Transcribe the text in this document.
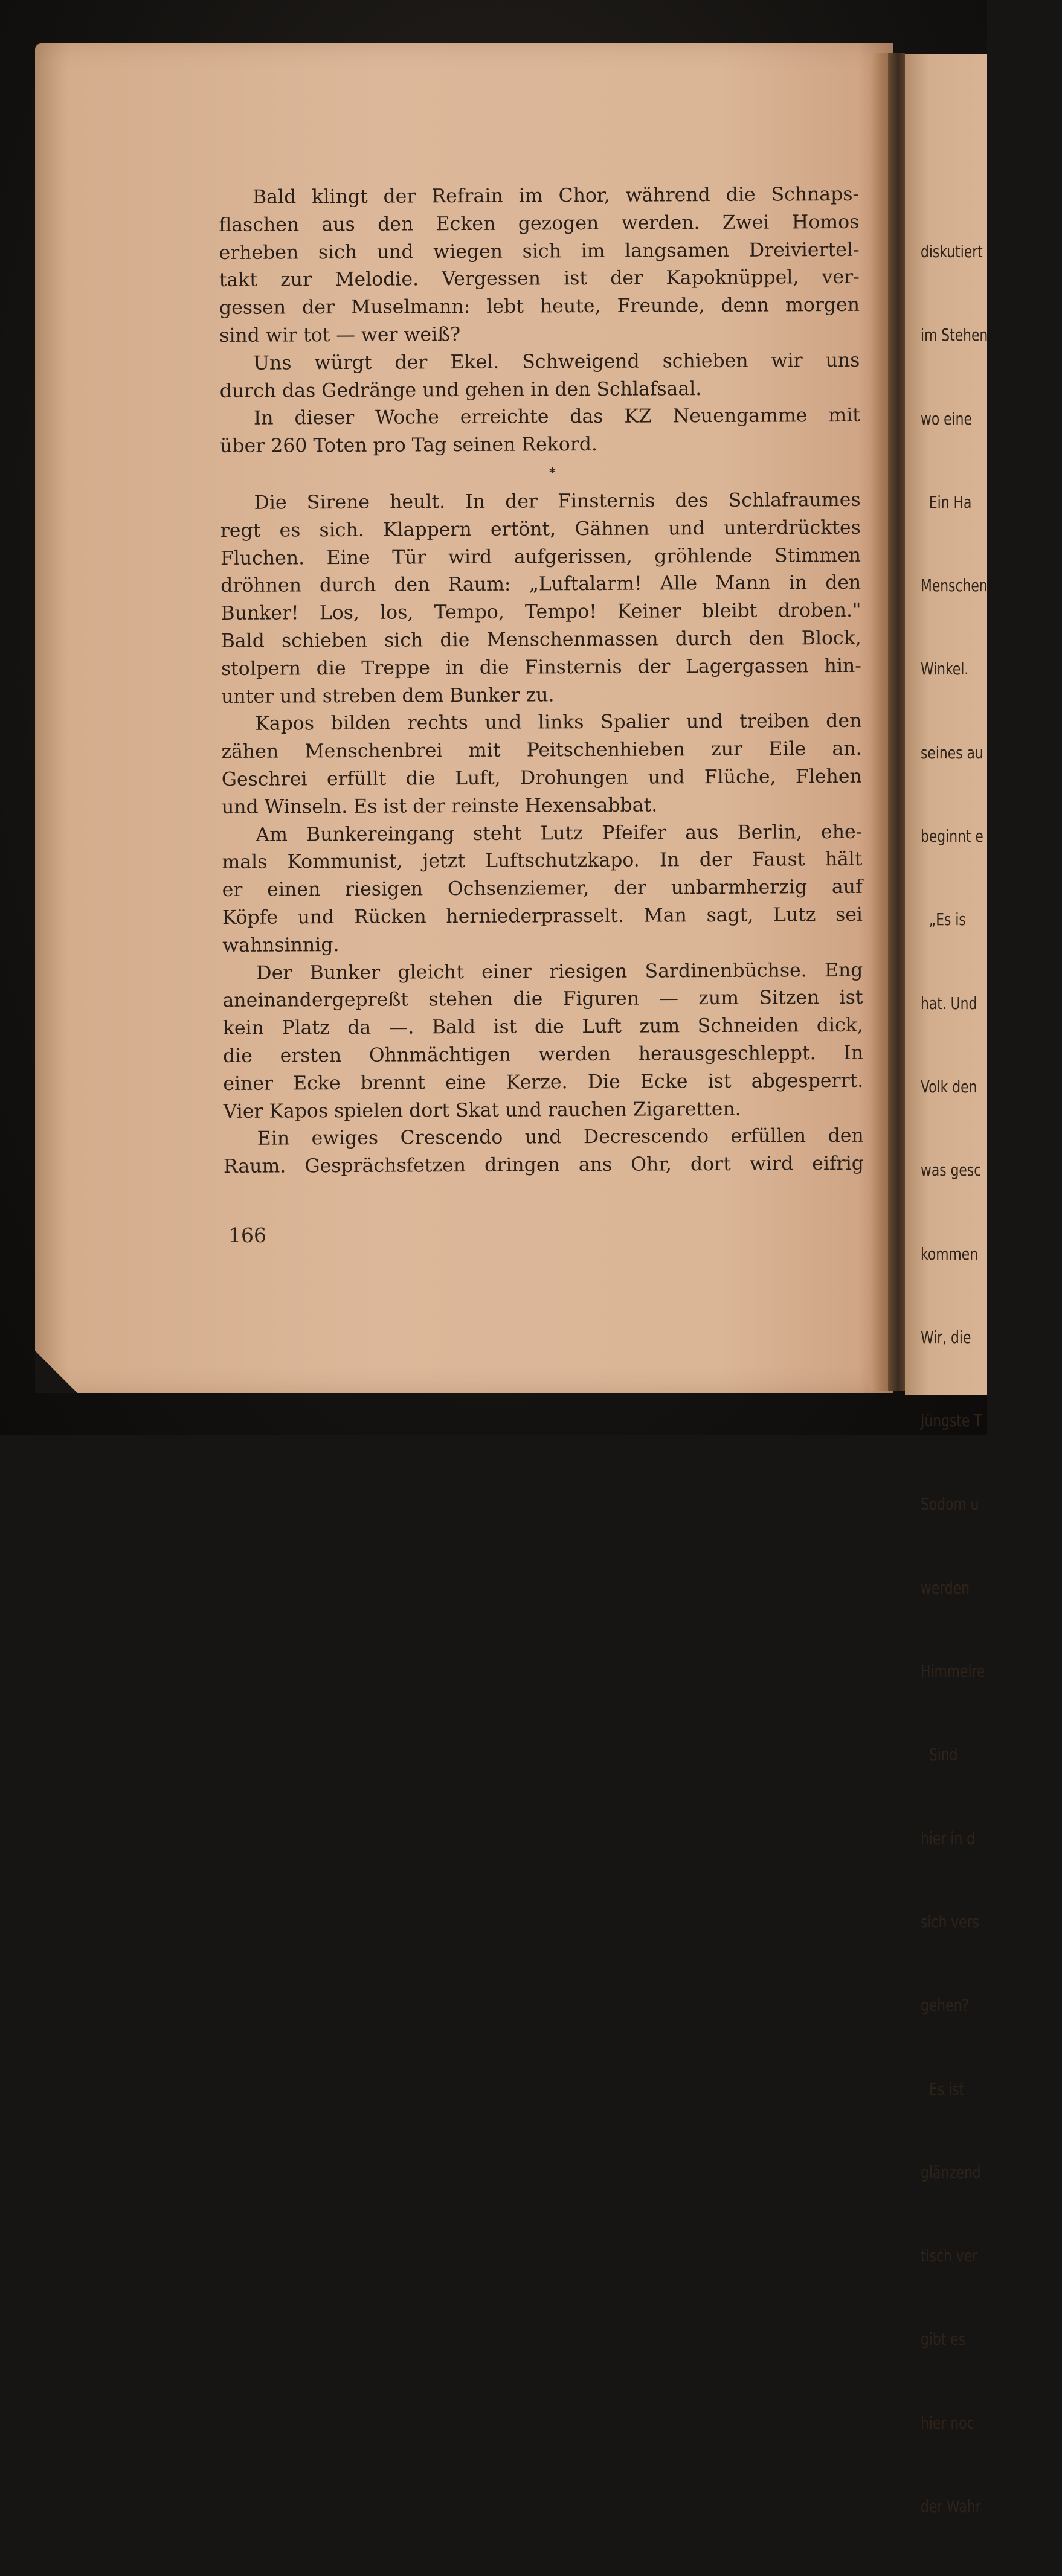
diskutiert

im Stehen

wo eine

Ein Ha

Menschen

Winkel.

seines au

beginnt e

„Es is

hat. Und

Volk den

was gesc

kommen

Wir, die

Jüngste T

Sodom u

werden

Himmelre

Sind

hier in d

sich vers

gehen?

Es ist

glänzend

tisch ver

gibt es

hier noc

der Wahr

Bald klingt der Refrain im Chor, während die Schnaps-

flaschen aus den Ecken gezogen werden. Zwei Homos

erheben sich und wiegen sich im langsamen Dreiviertel-

takt zur Melodie. Vergessen ist der Kapoknüppel, ver-

gessen der Muselmann: lebt heute, Freunde, denn morgen

sind wir tot — wer weiß?

Uns würgt der Ekel. Schweigend schieben wir uns

durch das Gedränge und gehen in den Schlafsaal.

In dieser Woche erreichte das KZ Neuengamme mit

über 260 Toten pro Tag seinen Rekord.

*

Die Sirene heult. In der Finsternis des Schlafraumes

regt es sich. Klappern ertönt, Gähnen und unterdrücktes

Fluchen. Eine Tür wird aufgerissen, gröhlende Stimmen

dröhnen durch den Raum: „Luftalarm! Alle Mann in den

Bunker! Los, los, Tempo, Tempo! Keiner bleibt droben."

Bald schieben sich die Menschenmassen durch den Block,

stolpern die Treppe in die Finsternis der Lagergassen hin-

unter und streben dem Bunker zu.

Kapos bilden rechts und links Spalier und treiben den

zähen Menschenbrei mit Peitschenhieben zur Eile an.

Geschrei erfüllt die Luft, Drohungen und Flüche, Flehen

und Winseln. Es ist der reinste Hexensabbat.

Am Bunkereingang steht Lutz Pfeifer aus Berlin, ehe-

mals Kommunist, jetzt Luftschutzkapo. In der Faust hält

er einen riesigen Ochsenziemer, der unbarmherzig auf

Köpfe und Rücken herniederprasselt. Man sagt, Lutz sei

wahnsinnig.

Der Bunker gleicht einer riesigen Sardinenbüchse. Eng

aneinandergepreßt stehen die Figuren — zum Sitzen ist

kein Platz da —. Bald ist die Luft zum Schneiden dick,

die ersten Ohnmächtigen werden herausgeschleppt. In

einer Ecke brennt eine Kerze. Die Ecke ist abgesperrt.

Vier Kapos spielen dort Skat und rauchen Zigaretten.

Ein ewiges Crescendo und Decrescendo erfüllen den

Raum. Gesprächsfetzen dringen ans Ohr, dort wird eifrig

166
